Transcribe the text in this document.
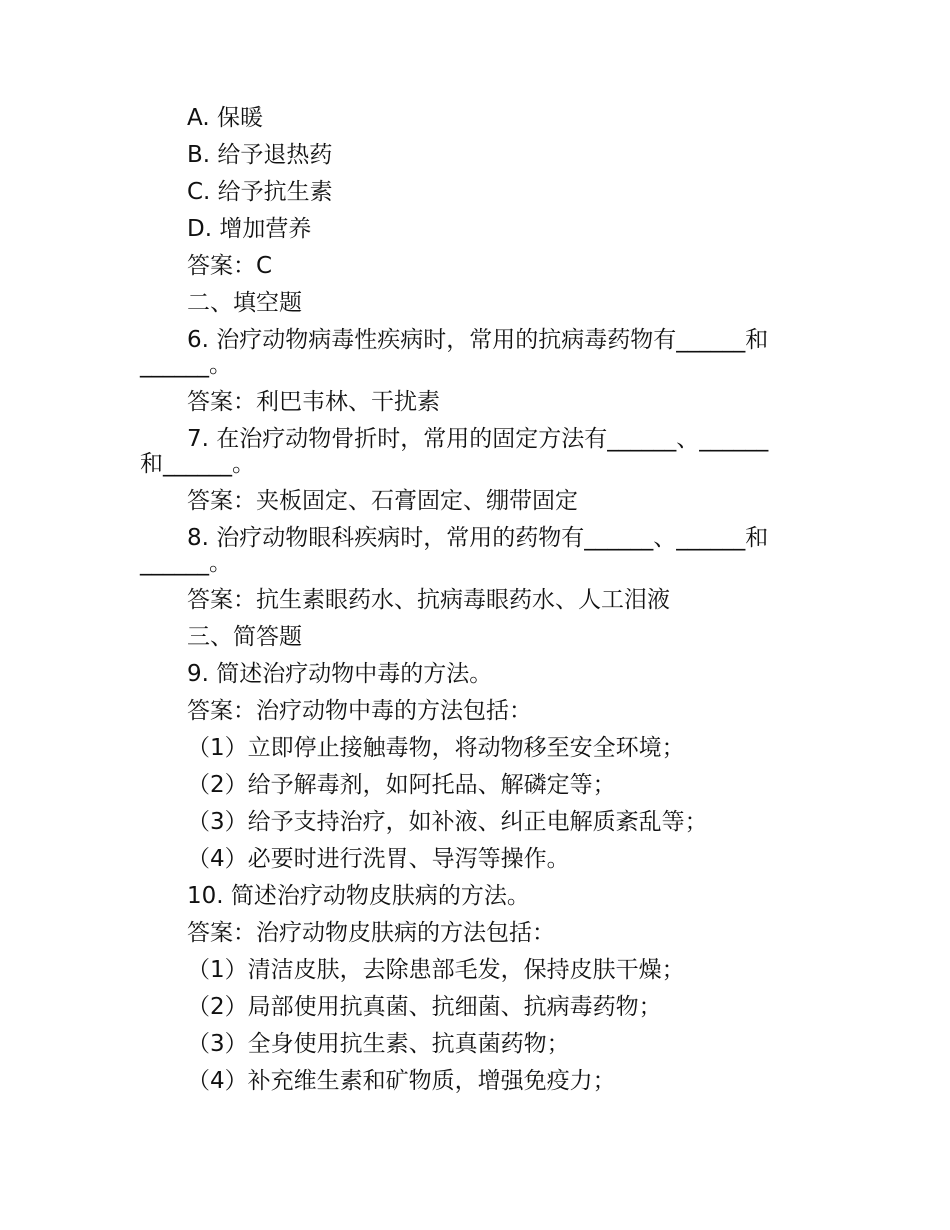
A. 保暖
B. 给予退热药
C. 给予抗生素
D. 增加营养
答案：C
二、填空题
6. 治疗动物病毒性疾病时，常用的抗病毒药物有______和
______。
答案：利巴韦林、干扰素
7. 在治疗动物骨折时，常用的固定方法有______、______
和______。
答案：夹板固定、石膏固定、绷带固定
8. 治疗动物眼科疾病时，常用的药物有______、______和
______。
答案：抗生素眼药水、抗病毒眼药水、人工泪液
三、简答题
9. 简述治疗动物中毒的方法。
答案：治疗动物中毒的方法包括：
（1）立即停止接触毒物，将动物移至安全环境；
（2）给予解毒剂，如阿托品、解磷定等；
（3）给予支持治疗，如补液、纠正电解质紊乱等；
（4）必要时进行洗胃、导泻等操作。
10. 简述治疗动物皮肤病的方法。
答案：治疗动物皮肤病的方法包括：
（1）清洁皮肤，去除患部毛发，保持皮肤干燥；
（2）局部使用抗真菌、抗细菌、抗病毒药物；
（3）全身使用抗生素、抗真菌药物；
（4）补充维生素和矿物质，增强免疫力；
